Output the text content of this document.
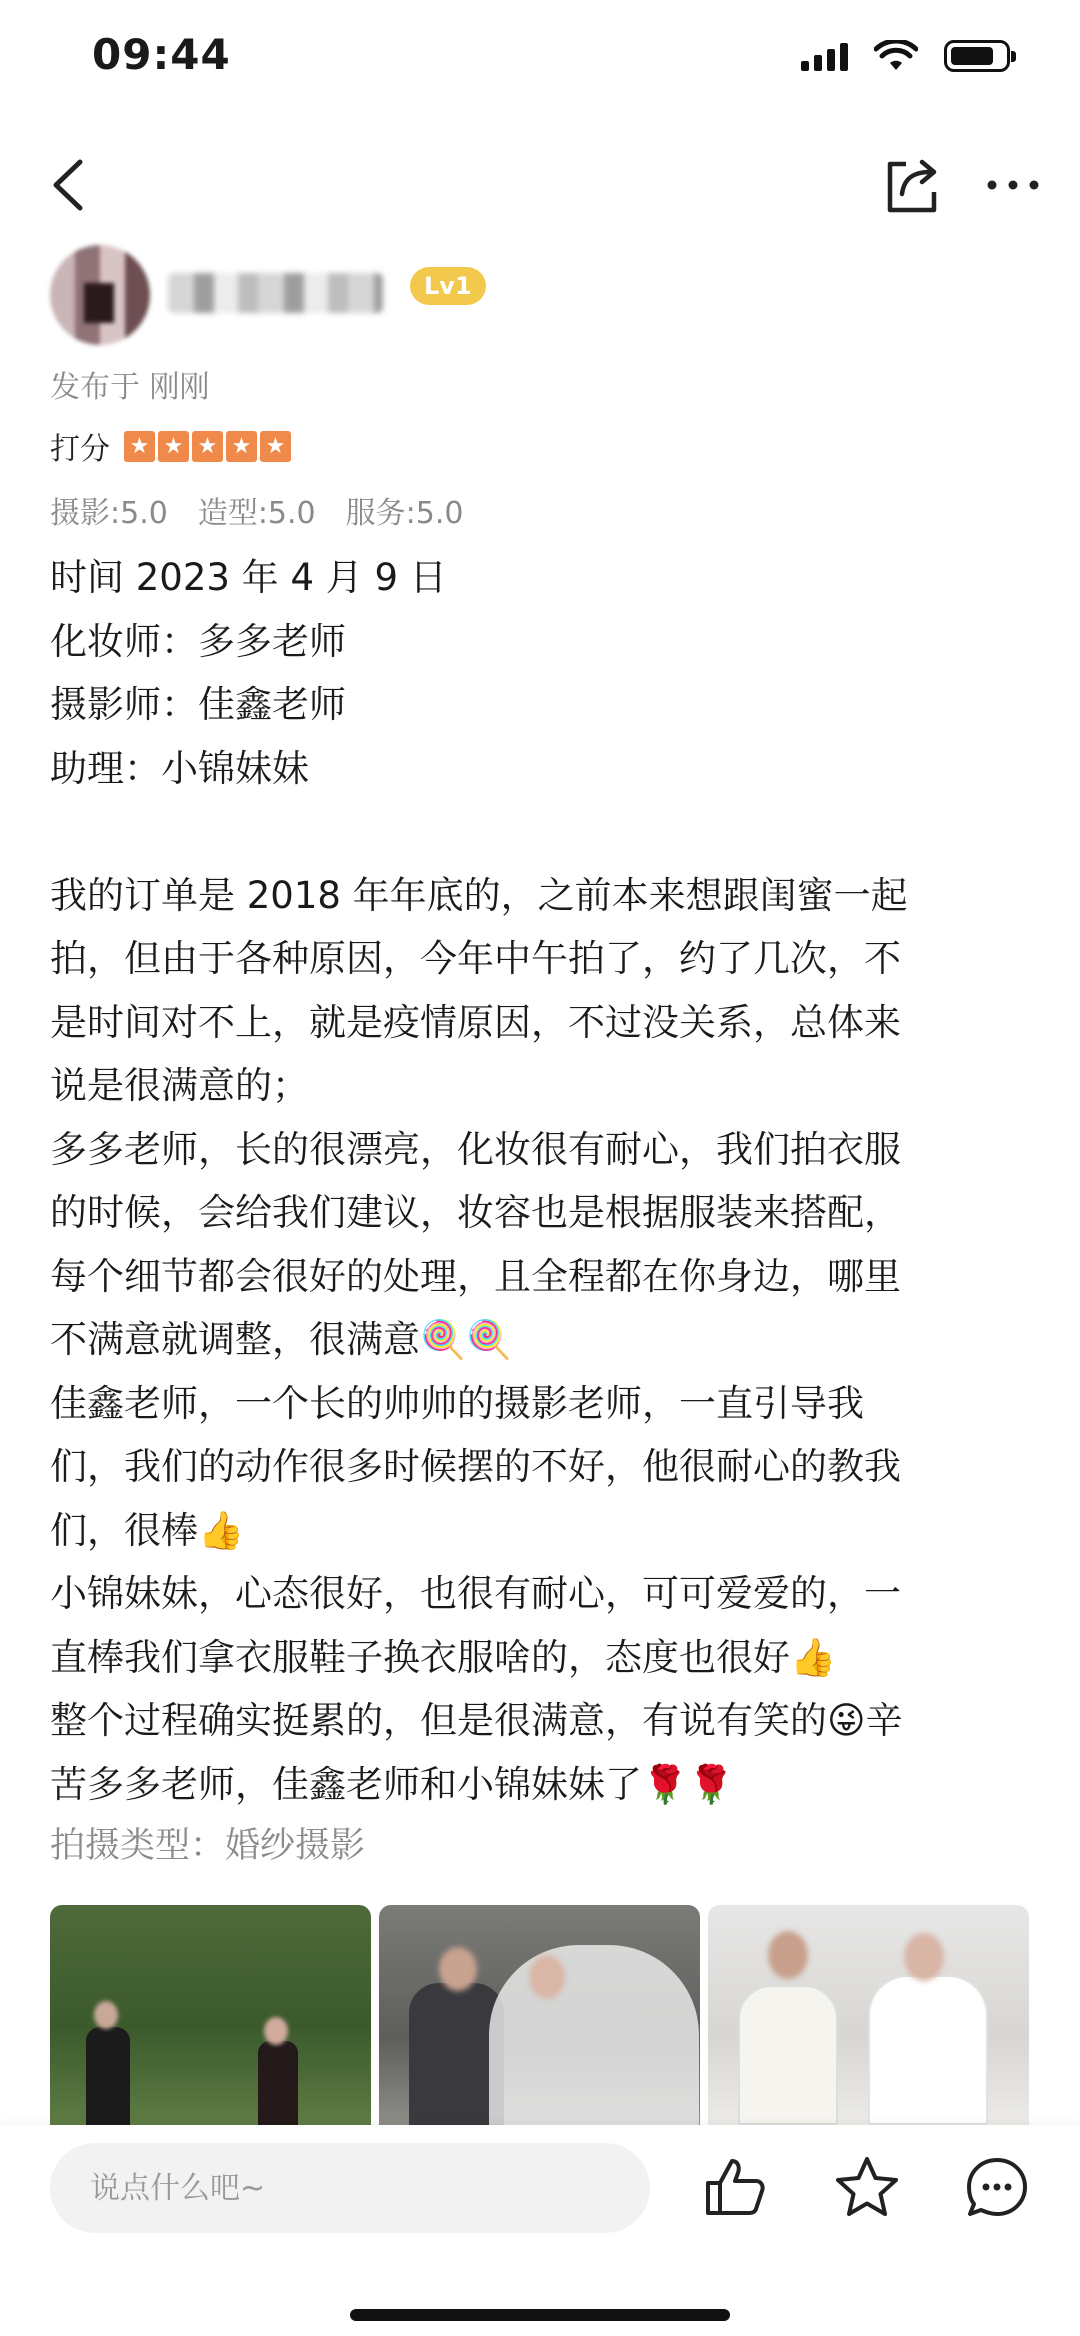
09:44
Lv1
发布于 刚刚
打分 ★ ★ ★ ★ ★
摄影:5.0 造型:5.0 服务:5.0
时间 2023 年 4 月 9 日
化妆师：多多老师
摄影师：佳鑫老师
助理：小锦妹妹
我的订单是 2018 年年底的，之前本来想跟闺蜜一起
拍，但由于各种原因，今年中午拍了，约了几次，不
是时间对不上，就是疫情原因，不过没关系，总体来
说是很满意的；
多多老师，长的很漂亮，化妆很有耐心，我们拍衣服
的时候，会给我们建议，妆容也是根据服装来搭配，
每个细节都会很好的处理，且全程都在你身边，哪里
不满意就调整，很满意🍭🍭
佳鑫老师，一个长的帅帅的摄影老师，一直引导我
们，我们的动作很多时候摆的不好，他很耐心的教我
们，很棒👍
小锦妹妹，心态很好，也很有耐心，可可爱爱的，一
直棒我们拿衣服鞋子换衣服啥的，态度也很好👍
整个过程确实挺累的，但是很满意，有说有笑的😜辛
苦多多老师，佳鑫老师和小锦妹妹了🌹🌹
拍摄类型：婚纱摄影
说点什么吧~
